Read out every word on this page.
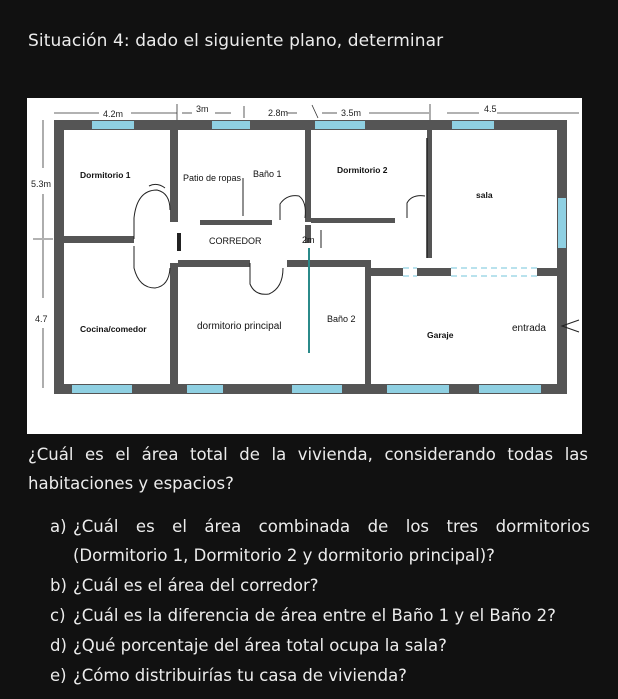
Situación 4: dado el siguiente plano, determinar
4.2m	3m	2.8m	3.5m	4.5
5.3m
4.7
Dormitorio 1	Patio de ropas Baño 1	Dormitorio 2
sala
CORREDOR	2m
Cocina/comedor	dormitorio principal
Baño 2
Garaje
entrada
¿Cuál es el área total de la vivienda, considerando todas las habitaciones y espacios?
a) ¿Cuál es el área combinada de los tres dormitorios
(Dormitorio 1, Dormitorio 2 y dormitorio principal)?
b) ¿Cuál es el área del corredor?
c) ¿Cuál es la diferencia de área entre el Baño 1 y el Baño 2?
d) ¿Qué porcentaje del área total ocupa la sala?
e) ¿Cómo distribuirías tu casa de vivienda?
